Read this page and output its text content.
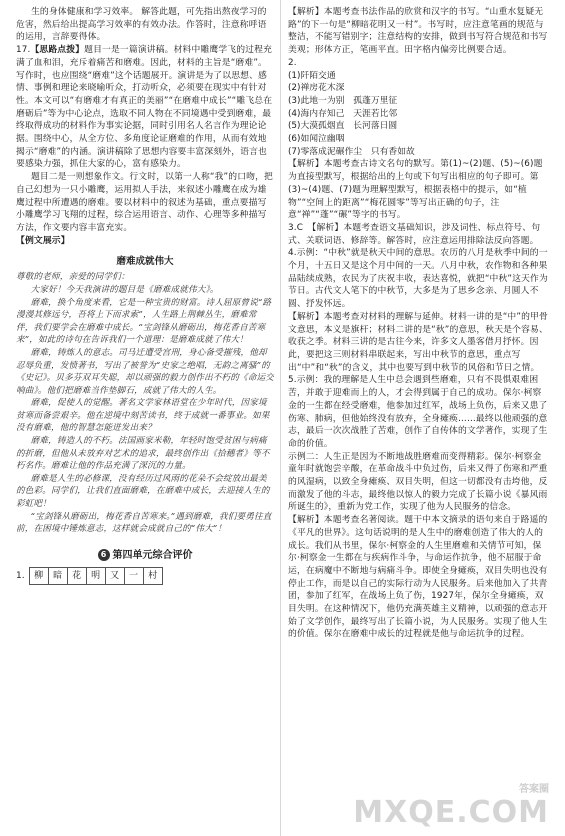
生的身体健康和学习效率。 解答此题，可先指出熬夜学习的危害，然后给出提高学习效率的有效办法。作答时，注意称呼语的运用，言辞要得体。

17.【思路点拨】题目一是一篇演讲稿。材料中雕鹰学飞的过程充满了血和泪，充斥着痛苦和磨难。因此，材料的主旨是“磨难”。写作时，也应围绕“磨难”这个话题展开。演讲是为了以思想、感情、事例和理论来晓喻听众，打动听众，必须要在现实中有针对性。本文可以“有磨难才有真正的美丽”“在磨难中成长”“雕飞总在磨砺后”等为中心论点，选取不同人物在不同境遇中受到磨难，最终取得成功的材料作为事实论据，同时引用名人名言作为理论论据。围绕中心，从全方位、多角度论证磨难的作用，从而有效地揭示“磨难”的内涵。演讲稿除了思想内容要丰富深刻外，语言也要感染力强，抓住大家的心，富有感染力。

题目二是一则想象作文。行文时，以第一人称“我”的口吻，把自己幻想为一只小雕鹰，运用拟人手法，来叙述小雕鹰在成为雄鹰过程中所遭遇的磨难。要以材料中的叙述为基础，重点要描写小雕鹰学习飞翔的过程，综合运用语言、动作、心理等多种描写方法，作文要内容丰富充实。

【例文展示】

磨难成就伟大

尊敬的老师，亲爱的同学们：

大家好！今天我演讲的题目是《磨难成就伟大》。

磨难，换个角度来看，它是一种宝贵的财富。诗人屈原曾说“路漫漫其修远兮，吾将上下而求索”，人生路上荆棘丛生，磨难常伴，我们要学会在磨难中成长。“宝剑锋从磨砺出，梅花香自苦寒来”，如此的诗句在告诉我们一个道理：是磨难成就了伟大！

磨难，铸炼人的意志。司马迁遭受宫刑，身心备受摧残，他却忍辱负重，发愤著书，写出了被誉为“史家之绝唱，无韵之离骚”的《史记》。贝多芬双耳失聪，却以顽强的毅力创作出不朽的《命运交响曲》。他们把磨难当作垫脚石，成就了伟大的人生。

磨难，促使人的觉醒。著名文学家林语堂在少年时代，因家境贫寒而备尝艰辛。他在逆境中刻苦读书，终于成就一番事业。如果没有磨难，他的智慧怎能迸发出来？

磨难，铸造人的不朽。法国画家米勒，年轻时饱受贫困与病痛的折磨，但他从未放弃对艺术的追求，最终创作出《拾穗者》等不朽名作。磨难让他的作品充满了深沉的力量。

磨难是人生的必修课，没有经历过风雨的花朵不会绽放出最美的色彩。同学们，让我们直面磨难，在磨难中成长，去迎接人生的彩虹吧！

“宝剑锋从磨砺出，梅花香自苦寒来。”遇到磨难，我们要勇往直前，在困境中锤炼意志，这样就会成就自己的“伟大”！

6 第四单元综合评价
1.	柳	暗	花	明	又	一	村

【解析】本题考查书法作品的欣赏和汉字的书写。“山重水复疑无路”的下一句是“柳暗花明又一村”。书写时，应注意笔画的规范与整洁，不能写错别字；注意结构的安排，做到书写符合规范和书写美观；形体方正，笔画平直。田字格内偏旁比例要合适。

2.

(1)阡陌交通
(2)禅房花木深
(3)此地一为别　孤蓬万里征
(4)海内存知己　天涯若比邻
(5)大漠孤烟直　长河落日圆
(6)如闻泣幽咽
(7)零落成泥碾作尘　只有香如故

【解析】本题考查古诗文名句的默写。第(1)~(2)题、(5)~(6)题为直接型默写，根据给出的上句或下句写出相应的句子即可。第(3)~(4)题、(7)题为理解型默写，根据表格中的提示，如“植物”“空间上的距离”“梅花圆零”等写出正确的句子，注意“禅”“蓬”“碾”等字的书写。

3.C　【解析】本题考查语文基础知识，涉及词性、标点符号、句式、关联词语、修辞等。解答时，应注意运用排除法反向答题。

4.示例：“中秋”就是秋天中间的意思。农历的八月是秋季中间的一个月，十五日又是这个月中间的一天。八月中秋，农作物和各种果品陆续成熟，农民为了庆祝丰收，表达喜悦，就把“中秋”这天作为节日。古代文人笔下的中秋节，大多是为了思乡念亲、月圆人不圆、抒发怀远。

【解析】本题考查对材料的理解与延伸。材料一讲的是“中”的甲骨文意思，本义是旗杆；材料二讲的是“秋”的意思，秋天是个容易、收获之季。材料三讲的是古往今来，许多文人墨客借月抒怀。因此，要把这三则材料串联起来，写出中秋节的意思，重点写出“中”和“秋”的含义，其中也要写到中秋节的风俗和节日之情。

5.示例：我的理解是人生中总会遇到些磨难，只有不畏惧艰难困苦，并敢于迎难而上的人，才会得到属于自己的成功。保尔·柯察金的一生都在经受磨难，他参加过红军，战场上负伤，后来又患了伤寒、肺病，但他始终没有放弃，全身瘫痪……最终以他顽强的意志，最后一次次战胜了苦难，创作了自传体的文学著作，实现了生命的价值。

示例二：人生正是因为不断地战胜磨难而变得精彩。保尔·柯察金童年时就饱尝辛酸，在革命战斗中负过伤，后来又得了伤寒和严重的风湿病，以致全身瘫痪、双目失明，但这一切都没有击垮他，反而激发了他的斗志，最终他以惊人的毅力完成了长篇小说《暴风雨所诞生的》，重新为党工作，实现了他为人民服务的信念。

【解析】本题考查名著阅读。题干中本文摘录的语句来自于路遥的《平凡的世界》。这句话说明的是人生中的磨难创造了伟大的人的成长。我们从书里，保尔·柯察金的人生里磨难和关情节可知，保尔·柯察金一生都在与疾病作斗争，与命运作抗争，他不屈服于命运，在病魔中不断地与病痛斗争。即使全身瘫痪，双目失明也没有停止工作，而是以自己的实际行动为人民服务。后来他加入了共青团，参加了红军，在战场上负了伤，1927年，保尔全身瘫痪，双目失明。在这种情况下，他仍充满英雄主义精神，以顽强的意志开始了文学创作，最终写出了长篇小说，为人民服务。实现了他人生的价值。保尔在磨难中成长的过程就是他与命运抗争的过程。

答案圈
MXQE.COM
